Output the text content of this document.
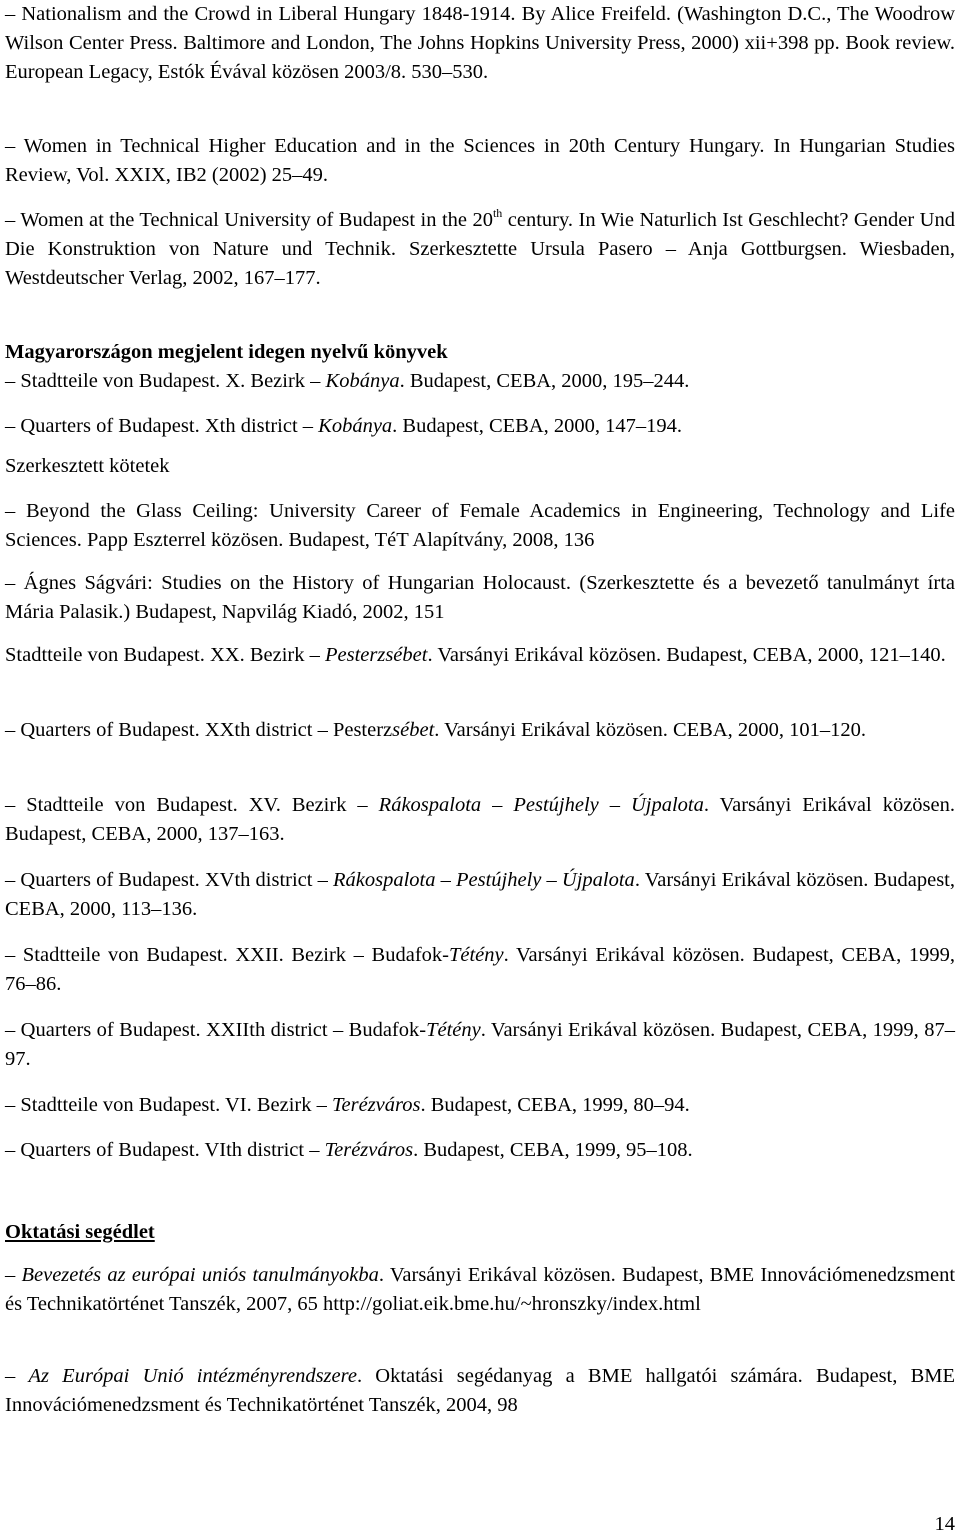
– Nationalism and the Crowd in Liberal Hungary 1848-1914. By Alice Freifeld. (Washington D.C., The Woodrow Wilson Center Press. Baltimore and London, The Johns Hopkins University Press, 2000) xii+398 pp. Book review. European Legacy, Estók Évával közösen 2003/8. 530–530.

– Women in Technical Higher Education and in the Sciences in 20th Century Hungary. In Hungarian Studies Review, Vol. XXIX, IB2 (2002) 25–49.

– Women at the Technical University of Budapest in the 20th century. In Wie Naturlich Ist Geschlecht? Gender Und Die Konstruktion von Nature und Technik. Szerkesztette Ursula Pasero – Anja Gottburgsen. Wiesbaden, Westdeutscher Verlag, 2002, 167–177.

Magyarországon megjelent idegen nyelvű könyvek

– Stadtteile von Budapest. X. Bezirk – Kobánya. Budapest, CEBA, 2000, 195–244.

– Quarters of Budapest. Xth district – Kobánya. Budapest, CEBA, 2000, 147–194.

Szerkesztett kötetek

– Beyond the Glass Ceiling: University Career of Female Academics in Engineering, Technology and Life Sciences. Papp Eszterrel közösen. Budapest, TéT Alapítvány, 2008, 136

– Ágnes Ságvári: Studies on the History of Hungarian Holocaust. (Szerkesztette és a bevezető tanulmányt írta Mária Palasik.) Budapest, Napvilág Kiadó, 2002, 151

Stadtteile von Budapest. XX. Bezirk – Pesterzsébet. Varsányi Erikával közösen. Budapest, CEBA, 2000, 121–140.

– Quarters of Budapest. XXth district – Pesterzsébet. Varsányi Erikával közösen. CEBA, 2000, 101–120.

– Stadtteile von Budapest. XV. Bezirk – Rákospalota – Pestújhely – Újpalota. Varsányi Erikával közösen. Budapest, CEBA, 2000, 137–163.

– Quarters of Budapest. XVth district – Rákospalota – Pestújhely – Újpalota. Varsányi Erikával közösen. Budapest, CEBA, 2000, 113–136.

– Stadtteile von Budapest. XXII. Bezirk – Budafok-Tétény. Varsányi Erikával közösen. Budapest, CEBA, 1999, 76–86.

– Quarters of Budapest. XXIIth district – Budafok-Tétény. Varsányi Erikával közösen. Budapest, CEBA, 1999, 87–97.

– Stadtteile von Budapest. VI. Bezirk – Terézváros. Budapest, CEBA, 1999, 80–94.

– Quarters of Budapest. VIth district – Terézváros. Budapest, CEBA, 1999, 95–108.

Oktatási segédlet

– Bevezetés az európai uniós tanulmányokba. Varsányi Erikával közösen. Budapest, BME Innovációmenedzsment és Technikatörténet Tanszék, 2007, 65 http://goliat.eik.bme.hu/~hronszky/index.html

– Az Európai Unió intézményrendszere. Oktatási segédanyag a BME hallgatói számára. Budapest, BME Innovációmenedzsment és Technikatörténet Tanszék, 2004, 98

14
